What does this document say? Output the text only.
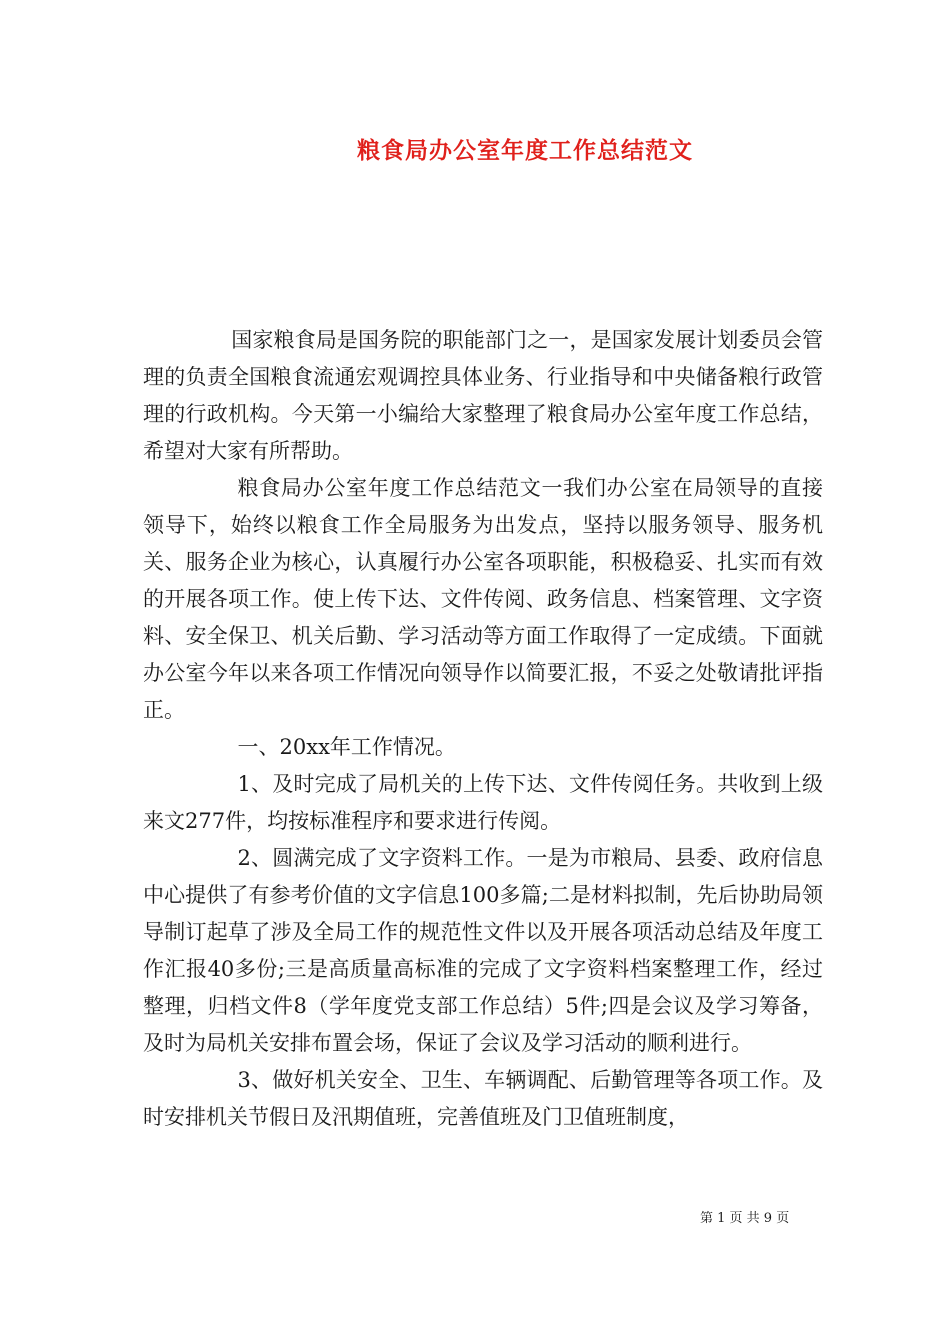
粮食局办公室年度工作总结范文

国家粮食局是国务院的职能部门之一，是国家发展计划委员会管理的负责全国粮食流通宏观调控具体业务、行业指导和中央储备粮行政管理的行政机构。今天第一小编给大家整理了粮食局办公室年度工作总结，希望对大家有所帮助。

粮食局办公室年度工作总结范文一我们办公室在局领导的直接领导下，始终以粮食工作全局服务为出发点，坚持以服务领导、服务机关、服务企业为核心，认真履行办公室各项职能，积极稳妥、扎实而有效的开展各项工作。使上传下达、文件传阅、政务信息、档案管理、文字资料、安全保卫、机关后勤、学习活动等方面工作取得了一定成绩。下面就办公室今年以来各项工作情况向领导作以简要汇报，不妥之处敬请批评指正。

一、20xx年工作情况。

1、及时完成了局机关的上传下达、文件传阅任务。共收到上级来文277件，均按标准程序和要求进行传阅。

2、圆满完成了文字资料工作。一是为市粮局、县委、政府信息中心提供了有参考价值的文字信息100多篇;二是材料拟制，先后协助局领导制订起草了涉及全局工作的规范性文件以及开展各项活动总结及年度工作汇报40多份;三是高质量高标准的完成了文字资料档案整理工作，经过整理，归档文件8（学年度党支部工作总结）5件;四是会议及学习筹备，及时为局机关安排布置会场，保证了会议及学习活动的顺利进行。

3、做好机关安全、卫生、车辆调配、后勤管理等各项工作。及时安排机关节假日及汛期值班，完善值班及门卫值班制度，

第 1 页 共 9 页
